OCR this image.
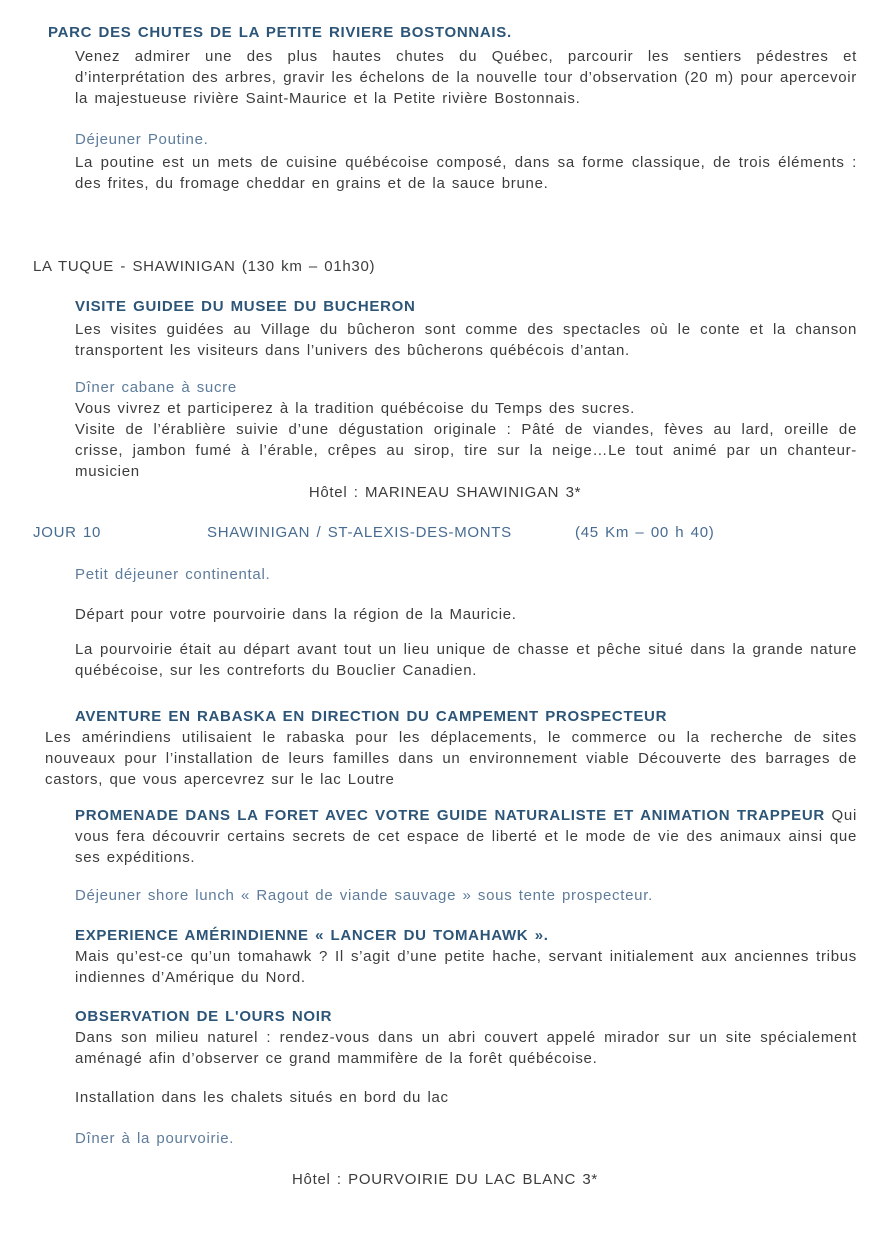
PARC DES CHUTES DE LA PETITE RIVIERE BOSTONNAIS.

Venez admirer une des plus hautes chutes du Québec, parcourir les sentiers pédestres et d’interprétation des arbres, gravir les échelons de la nouvelle tour d’observation (20 m) pour apercevoir la majestueuse rivière Saint-Maurice et la Petite rivière Bostonnais.

Déjeuner Poutine.

La poutine est un mets de cuisine québécoise composé, dans sa forme classique, de trois éléments : des frites, du fromage cheddar en grains et de la sauce brune.

LA TUQUE - SHAWINIGAN (130 km – 01h30)

VISITE GUIDEE DU MUSEE DU BUCHERON

Les visites guidées au Village du bûcheron sont comme des spectacles où le conte et la chanson transportent les visiteurs dans l’univers des bûcherons québécois d’antan.

Dîner cabane à sucre

Vous vivrez et participerez à la tradition québécoise du Temps des sucres.

Visite de l’érablière suivie d’une dégustation originale : Pâté de viandes, fèves au lard, oreille de crisse, jambon fumé à l’érable, crêpes au sirop, tire sur la neige…Le tout animé par un chanteur-musicien

Hôtel : MARINEAU SHAWINIGAN 3*

JOUR 10	SHAWINIGAN / ST-ALEXIS-DES-MONTS	(45 Km – 00 h 40)

Petit déjeuner continental.

Départ pour votre pourvoirie dans la région de la Mauricie.

La pourvoirie était au départ avant tout un lieu unique de chasse et pêche situé dans la grande nature québécoise, sur les contreforts du Bouclier Canadien.

AVENTURE EN RABASKA EN DIRECTION DU CAMPEMENT PROSPECTEUR

Les amérindiens utilisaient le rabaska pour les déplacements, le commerce ou la recherche de sites nouveaux pour l’installation de leurs familles dans un environnement viable Découverte des barrages de castors, que vous apercevrez sur le lac Loutre

PROMENADE DANS LA FORET AVEC VOTRE GUIDE NATURALISTE ET ANIMATION TRAPPEUR Qui vous fera découvrir certains secrets de cet espace de liberté et le mode de vie des animaux ainsi que ses expéditions.

Déjeuner shore lunch « Ragout de viande sauvage » sous tente prospecteur.

EXPERIENCE AMÉRINDIENNE « LANCER DU TOMAHAWK ».

Mais qu’est-ce qu’un tomahawk ? Il s’agit d’une petite hache, servant initialement aux anciennes tribus indiennes d’Amérique du Nord.

OBSERVATION DE L'OURS NOIR

Dans son milieu naturel : rendez-vous dans un abri couvert appelé mirador sur un site spécialement aménagé afin d’observer ce grand mammifère de la forêt québécoise.

Installation dans les chalets situés en bord du lac

Dîner à la pourvoirie.

Hôtel : POURVOIRIE DU LAC BLANC 3*
